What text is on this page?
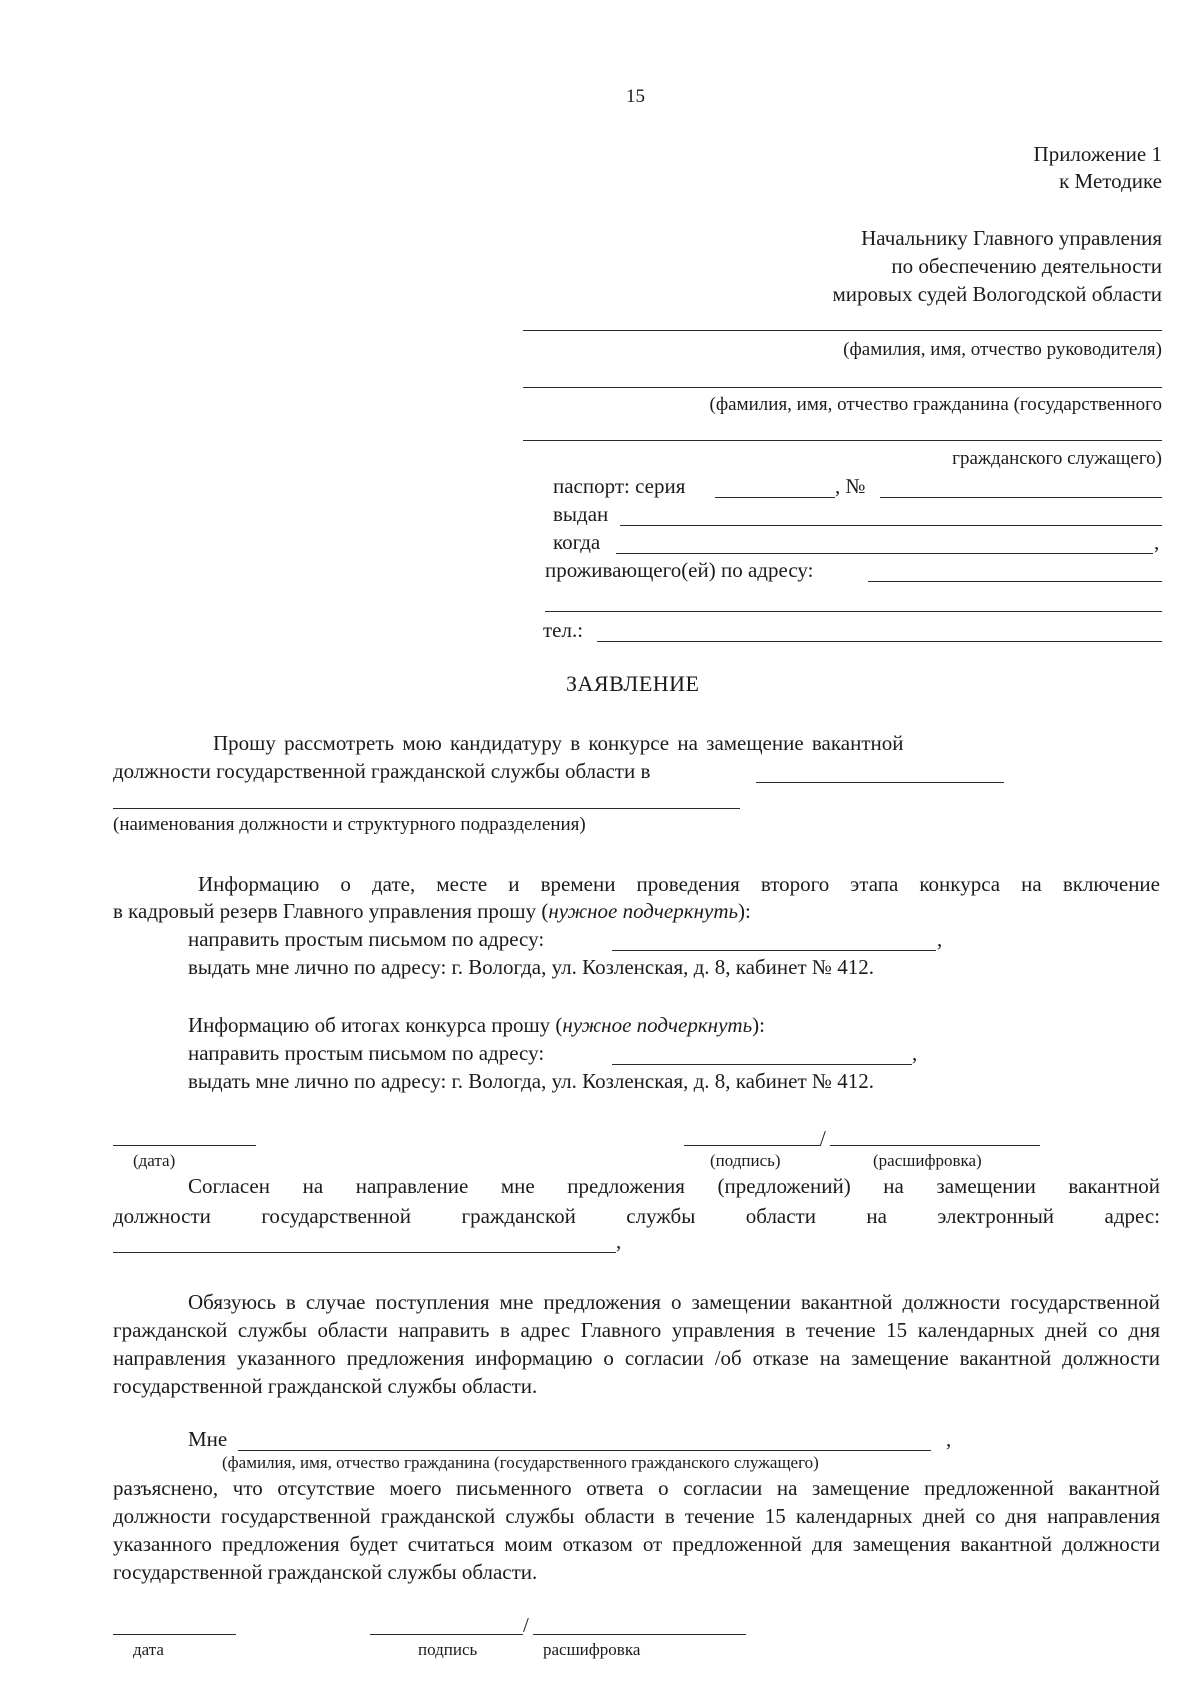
15
Приложение 1
к Методике
Начальнику Главного управления
по обеспечению деятельности
мировых судей Вологодской области
(фамилия, имя, отчество руководителя)
(фамилия, имя, отчество гражданина (государственного
гражданского служащего)
паспорт: серия	, №
выдан
когда	,
проживающего(ей) по адресу:
тел.:
ЗАЯВЛЕНИЕ
Прошу рассмотреть мою кандидатуру в конкурсе на замещение вакантной
должности государственной гражданской службы области в
(наименования должности и структурного подразделения)
Информацию о дате, месте и времени проведения второго этапа конкурса на включение
в кадровый резерв Главного управления прошу (нужное подчеркнуть):
направить простым письмом по адресу:	,
выдать мне лично по адресу: г. Вологда, ул. Козленская, д. 8, кабинет № 412.
Информацию об итогах конкурса прошу (нужное подчеркнуть):
направить простым письмом по адресу:	,
выдать мне лично по адресу: г. Вологда, ул. Козленская, д. 8, кабинет № 412.
/
(дата)	(подпись)	(расшифровка)
Согласен на направление мне предложения (предложений) на замещении вакантной
должности государственной гражданской службы области на электронный адрес:
,
Обязуюсь в случае поступления мне предложения о замещении вакантной должности государственной гражданской службы области направить в адрес Главного управления в течение 15 календарных дней со дня направления указанного предложения информацию о согласии /об отказе на замещение вакантной должности государственной гражданской службы области.
Мне	,
(фамилия, имя, отчество гражданина (государственного гражданского служащего)
разъяснено, что отсутствие моего письменного ответа о согласии на замещение предложенной вакантной должности государственной гражданской службы области в течение 15 календарных дней со дня направления указанного предложения будет считаться моим отказом от предложенной для замещения вакантной должности государственной гражданской службы области.
/
дата	подпись	расшифровка
